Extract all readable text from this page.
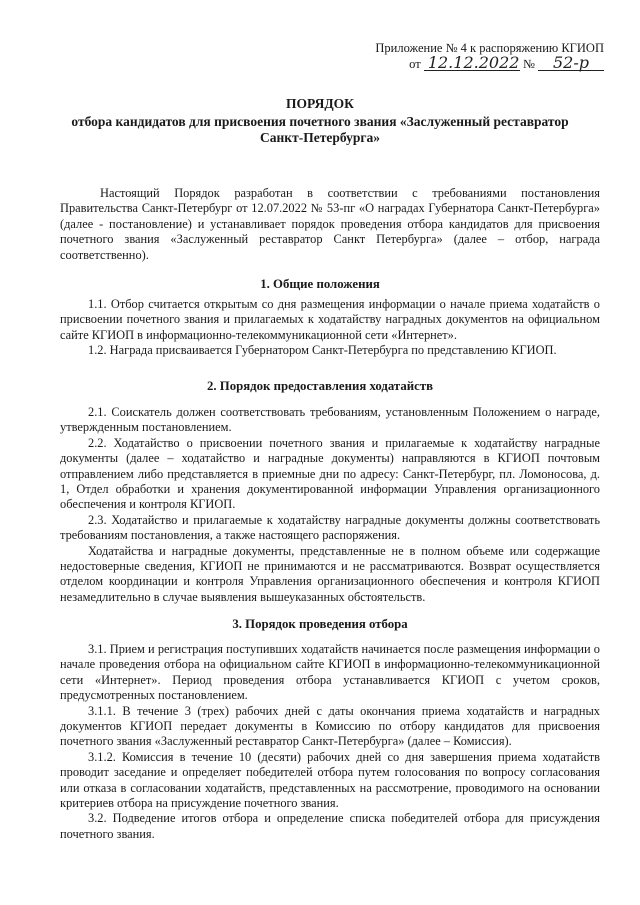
Приложение № 4 к распоряжению КГИОП
от 12.12.2022 № 52-р
ПОРЯДОК
отбора кандидатов для присвоения почетного звания «Заслуженный реставратор
Санкт-Петербурга»

Настоящий Порядок разработан в соответствии с требованиями постановления Правительства Санкт-Петербург от 12.07.2022 № 53-пг «О наградах Губернатора Санкт-Петербурга» (далее - постановление) и устанавливает порядок проведения отбора кандидатов для присвоения почетного звания «Заслуженный реставратор Санкт Петербурга» (далее – отбор, награда соответственно).

1. Общие положения

1.1. Отбор считается открытым со дня размещения информации о начале приема ходатайств о присвоении почетного звания и прилагаемых к ходатайству наградных документов на официальном сайте КГИОП в информационно-телекоммуникационной сети «Интернет».

1.2. Награда присваивается Губернатором Санкт-Петербурга по представлению КГИОП.

2. Порядок предоставления ходатайств

2.1. Соискатель должен соответствовать требованиям, установленным Положением о награде, утвержденным постановлением.

2.2. Ходатайство о присвоении почетного звания и прилагаемые к ходатайству наградные документы (далее – ходатайство и наградные документы) направляются в КГИОП почтовым отправлением либо представляется в приемные дни по адресу: Санкт-Петербург, пл. Ломоносова, д. 1, Отдел обработки и хранения документированной информации Управления организационного обеспечения и контроля КГИОП.

2.3. Ходатайство и прилагаемые к ходатайству наградные документы должны соответствовать требованиям постановления, а также настоящего распоряжения.

Ходатайства и наградные документы, представленные не в полном объеме или содержащие недостоверные сведения, КГИОП не принимаются и не рассматриваются. Возврат осуществляется отделом координации и контроля Управления организационного обеспечения и контроля КГИОП незамедлительно в случае выявления вышеуказанных обстоятельств.

3. Порядок проведения отбора

3.1. Прием и регистрация поступивших ходатайств начинается после размещения информации о начале проведения отбора на официальном сайте КГИОП в информационно-телекоммуникационной сети «Интернет». Период проведения отбора устанавливается КГИОП с учетом сроков, предусмотренных постановлением.

3.1.1. В течение 3 (трех) рабочих дней с даты окончания приема ходатайств и наградных документов КГИОП передает документы в Комиссию по отбору кандидатов для присвоения почетного звания «Заслуженный реставратор Санкт-Петербурга» (далее – Комиссия).

3.1.2. Комиссия в течение 10 (десяти) рабочих дней со дня завершения приема ходатайств проводит заседание и определяет победителей отбора путем голосования по вопросу согласования или отказа в согласовании ходатайств, представленных на рассмотрение, проводимого на основании критериев отбора на присуждение почетного звания.

3.2. Подведение итогов отбора и определение списка победителей отбора для присуждения почетного звания.
